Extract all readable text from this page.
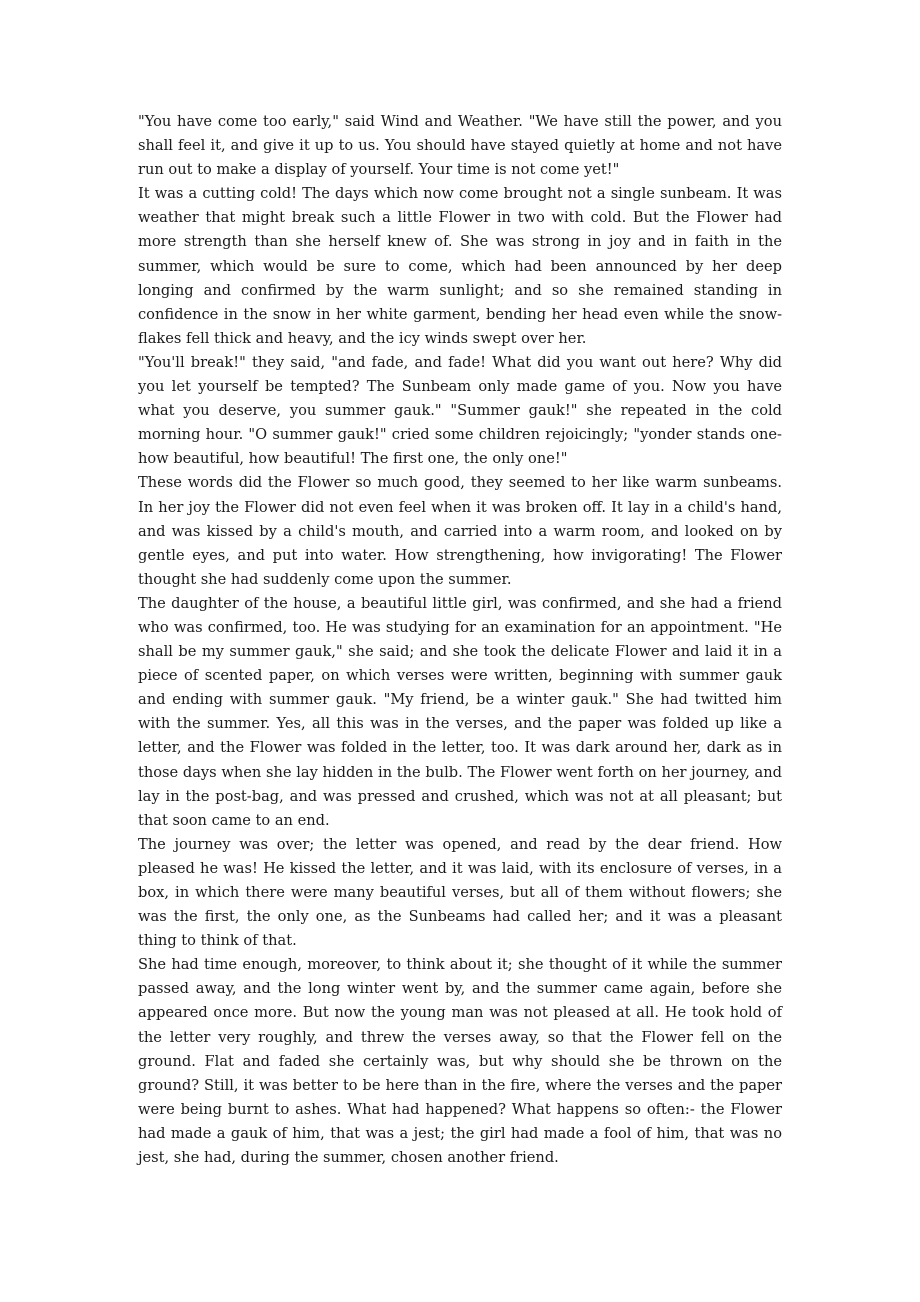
"You have come too early," said Wind and Weather. "We have still the power, and you shall feel it, and give it up to us. You should have stayed quietly at home and not have run out to make a display of yourself. Your time is not come yet!"

It was a cutting cold! The days which now come brought not a single sunbeam. It was weather that might break such a little Flower in two with cold. But the Flower had more strength than she herself knew of. She was strong in joy and in faith in the summer, which would be sure to come, which had been announced by her deep longing and confirmed by the warm sunlight; and so she remained standing in confidence in the snow in her white garment, bending her head even while the snow-flakes fell thick and heavy, and the icy winds swept over her.

"You'll break!" they said, "and fade, and fade! What did you want out here? Why did you let yourself be tempted? The Sunbeam only made game of you. Now you have what you deserve, you summer gauk." "Summer gauk!" she repeated in the cold morning hour. "O summer gauk!" cried some children rejoicingly; "yonder stands one- how beautiful, how beautiful! The first one, the only one!"

These words did the Flower so much good, they seemed to her like warm sunbeams. In her joy the Flower did not even feel when it was broken off. It lay in a child's hand, and was kissed by a child's mouth, and carried into a warm room, and looked on by gentle eyes, and put into water. How strengthening, how invigorating! The Flower thought she had suddenly come upon the summer.

The daughter of the house, a beautiful little girl, was confirmed, and she had a friend who was confirmed, too. He was studying for an examination for an appointment. "He shall be my summer gauk," she said; and she took the delicate Flower and laid it in a piece of scented paper, on which verses were written, beginning with summer gauk and ending with summer gauk. "My friend, be a winter gauk." She had twitted him with the summer. Yes, all this was in the verses, and the paper was folded up like a letter, and the Flower was folded in the letter, too. It was dark around her, dark as in those days when she lay hidden in the bulb. The Flower went forth on her journey, and lay in the post-bag, and was pressed and crushed, which was not at all pleasant; but that soon came to an end.

The journey was over; the letter was opened, and read by the dear friend. How pleased he was! He kissed the letter, and it was laid, with its enclosure of verses, in a box, in which there were many beautiful verses, but all of them without flowers; she was the first, the only one, as the Sunbeams had called her; and it was a pleasant thing to think of that.

She had time enough, moreover, to think about it; she thought of it while the summer passed away, and the long winter went by, and the summer came again, before she appeared once more. But now the young man was not pleased at all. He took hold of the letter very roughly, and threw the verses away, so that the Flower fell on the ground. Flat and faded she certainly was, but why should she be thrown on the ground? Still, it was better to be here than in the fire, where the verses and the paper were being burnt to ashes. What had happened? What happens so often:- the Flower had made a gauk of him, that was a jest; the girl had made a fool of him, that was no jest, she had, during the summer, chosen another friend.
